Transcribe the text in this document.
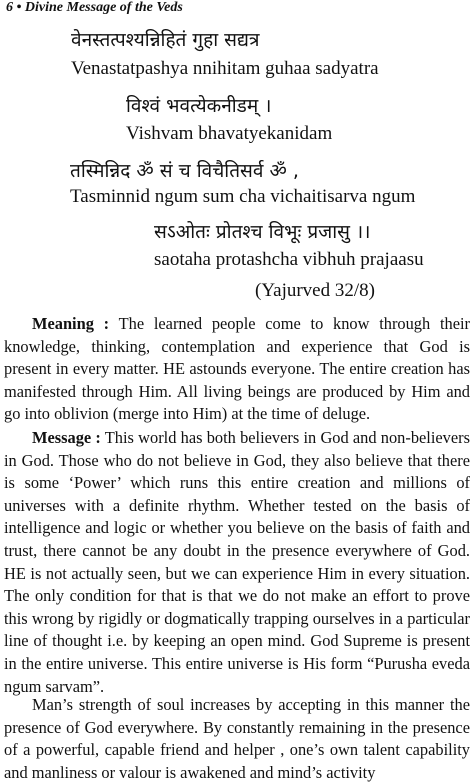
6 • Divine Message of the Veds
वेनस्तत्पश्यन्निहितं गुहा सद्यत्र
Venastatpashya nnihitam guhaa sadyatra
विश्वं भवत्येकनीडम् ।
Vishvam bhavatyekanidam
तस्मिन्निद ॐ सं च विचैतिसर्व ॐ ,
Tasminnid ngum sum cha vichaitisarva ngum
सऽओतः प्रोतश्च विभूः प्रजासु ।।
saotaha protashcha vibhuh prajaasu
(Yajurved 32/8)

Meaning : The learned people come to know through their knowledge, thinking, contemplation and experience that God is present in every matter. HE astounds everyone. The entire creation has manifested through Him. All living beings are produced by Him and go into oblivion (merge into Him) at the time of deluge.

Message : This world has both believers in God and non-believers in God. Those who do not believe in God, they also believe that there is some ‘Power’ which runs this entire creation and millions of universes with a definite rhythm. Whether tested on the basis of intelligence and logic or whether you believe on the basis of faith and trust, there cannot be any doubt in the presence everywhere of God. HE is not actually seen, but we can experience Him in every situation. The only condition for that is that we do not make an effort to prove this wrong by rigidly or dogmatically trapping ourselves in a particular line of thought i.e. by keeping an open mind. God Supreme is present in the entire universe. This entire universe is His form “Purusha eveda ngum sarvam”.

Man’s strength of soul increases by accepting in this manner the presence of God everywhere. By constantly remaining in the presence of a powerful, capable friend and helper , one’s own talent capability and manliness or valour is awakened and mind’s activity
